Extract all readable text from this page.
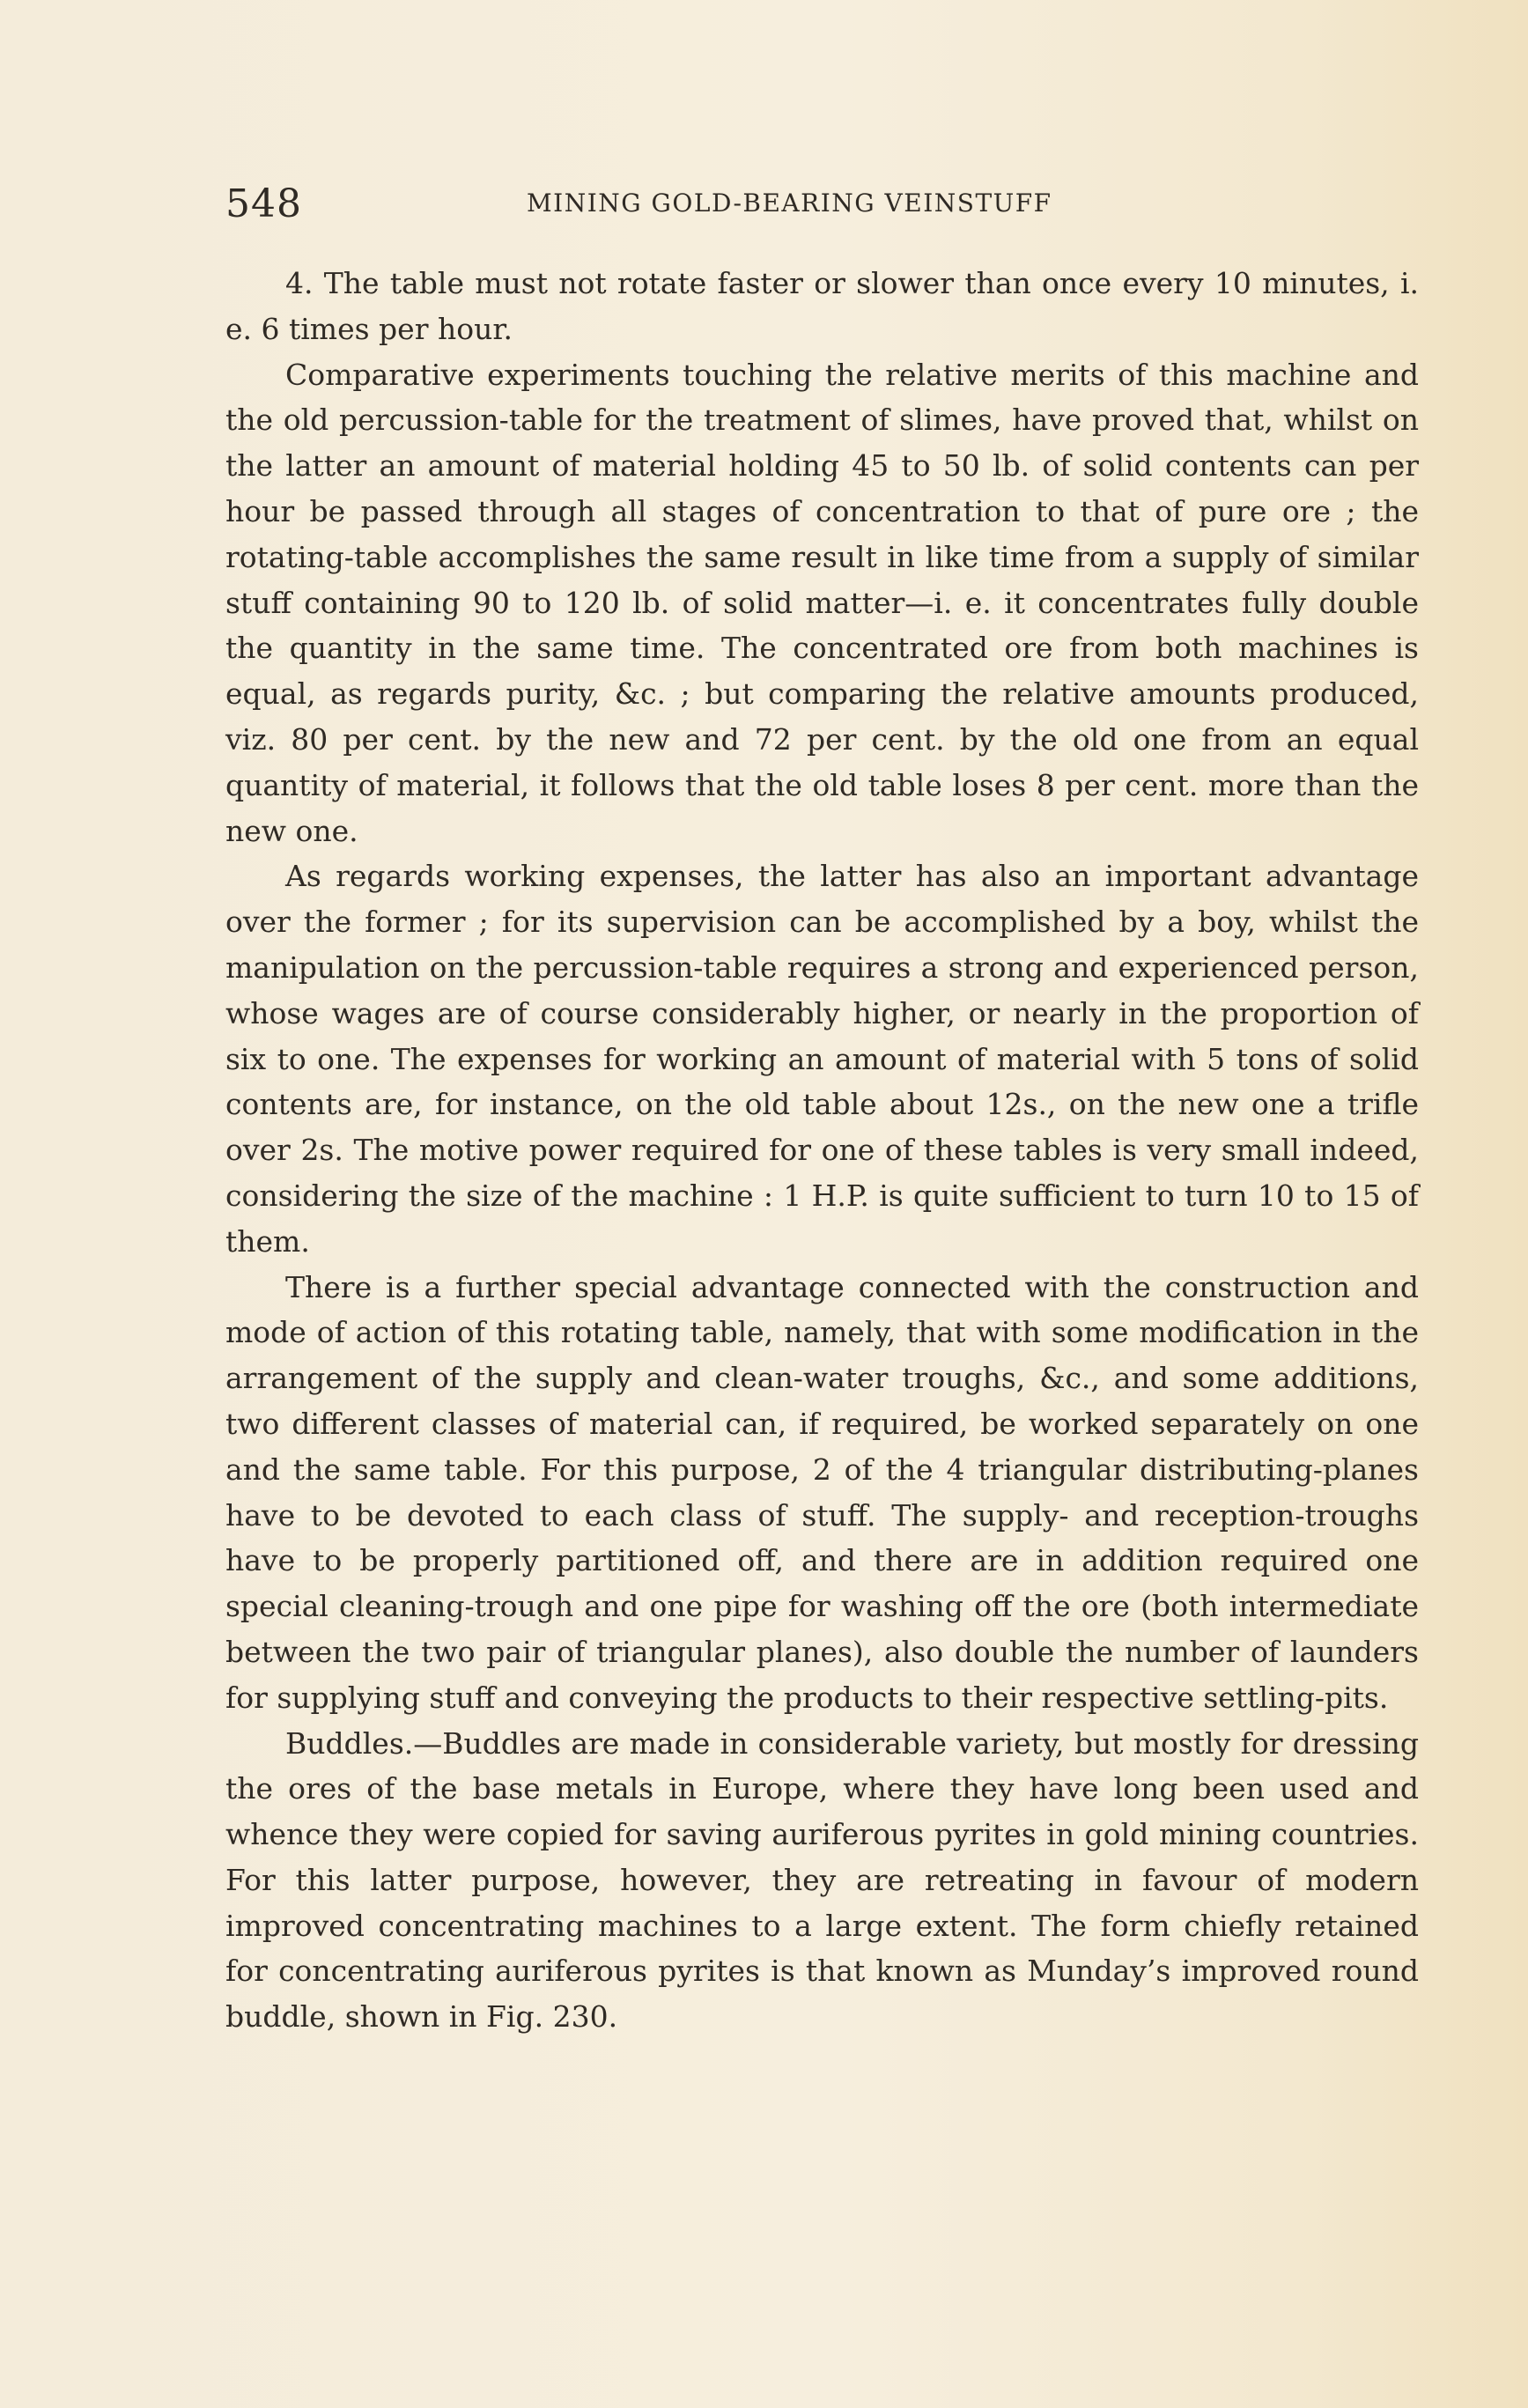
548	MINING GOLD-BEARING VEINSTUFF

4. The table must not rotate faster or slower than once every 10 minutes, i. e. 6 times per hour.

Comparative experiments touching the relative merits of this machine and the old percussion-table for the treatment of slimes, have proved that, whilst on the latter an amount of material holding 45 to 50 lb. of solid contents can per hour be passed through all stages of concentration to that of pure ore ; the rotating-table accomplishes the same result in like time from a supply of similar stuff containing 90 to 120 lb. of solid matter—i. e. it concentrates fully double the quantity in the same time. The concentrated ore from both machines is equal, as regards purity, &c. ; but comparing the relative amounts produced, viz. 80 per cent. by the new and 72 per cent. by the old one from an equal quantity of material, it follows that the old table loses 8 per cent. more than the new one.

As regards working expenses, the latter has also an important advantage over the former ; for its supervision can be accomplished by a boy, whilst the manipulation on the percussion-table requires a strong and experienced person, whose wages are of course considerably higher, or nearly in the proportion of six to one. The expenses for working an amount of material with 5 tons of solid contents are, for instance, on the old table about 12s., on the new one a trifle over 2s. The motive power required for one of these tables is very small indeed, considering the size of the machine : 1 H.P. is quite sufficient to turn 10 to 15 of them.

There is a further special advantage connected with the construction and mode of action of this rotating table, namely, that with some modification in the arrangement of the supply and clean-water troughs, &c., and some additions, two different classes of material can, if required, be worked separately on one and the same table. For this purpose, 2 of the 4 triangular distributing-planes have to be devoted to each class of stuff. The supply- and reception-troughs have to be properly partitioned off, and there are in addition required one special cleaning-trough and one pipe for washing off the ore (both intermediate between the two pair of triangular planes), also double the number of launders for supplying stuff and conveying the products to their respective settling-pits.

Buddles.—Buddles are made in considerable variety, but mostly for dressing the ores of the base metals in Europe, where they have long been used and whence they were copied for saving auriferous pyrites in gold mining countries. For this latter purpose, however, they are retreating in favour of modern improved concentrating machines to a large extent. The form chiefly retained for concentrating auriferous pyrites is that known as Munday’s improved round buddle, shown in Fig. 230.
